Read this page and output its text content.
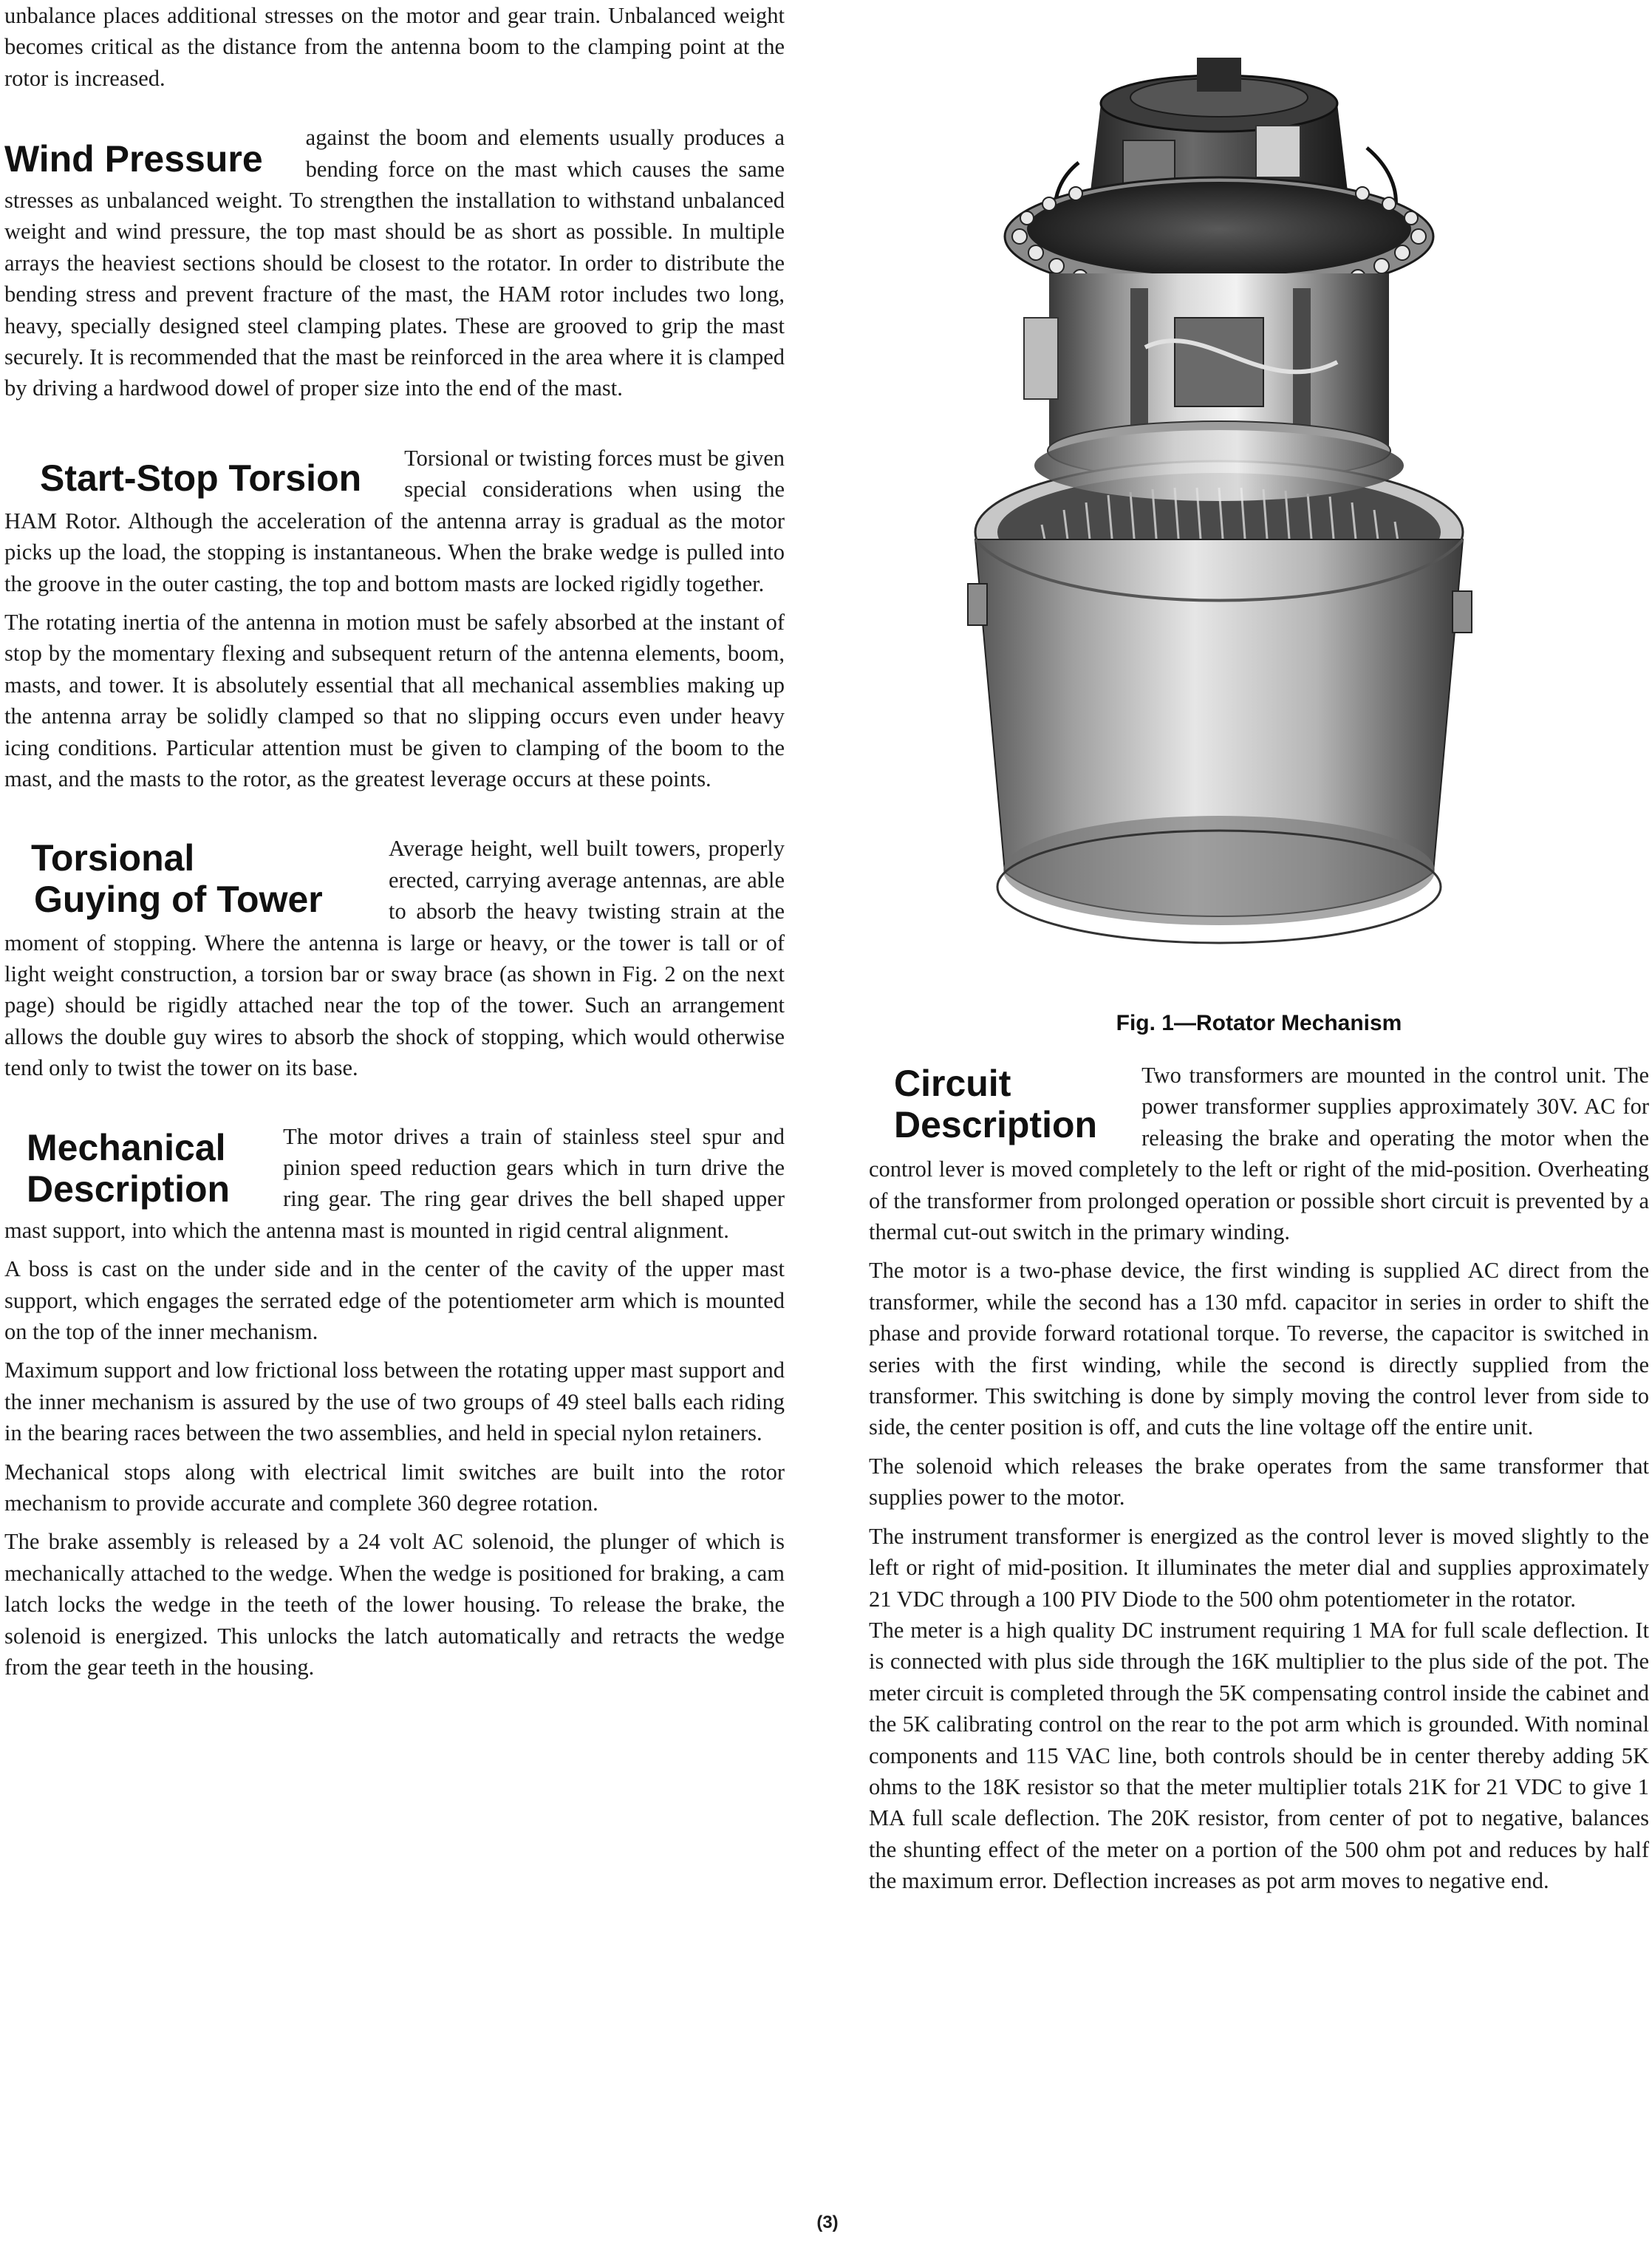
unbalance places additional stresses on the motor and gear train. Unbalanced weight becomes critical as the distance from the antenna boom to the clamping point at the rotor is increased.

Wind Pressure

against the boom and elements usually produces a bending force on the mast which causes the same stresses as unbalanced weight. To strengthen the installation to withstand unbalanced weight and wind pressure, the top mast should be as short as possible. In multiple arrays the heaviest sections should be closest to the rotator. In order to distribute the bending stress and prevent fracture of the mast, the HAM rotor includes two long, heavy, specially designed steel clamping plates. These are grooved to grip the mast securely. It is recommended that the mast be reinforced in the area where it is clamped by driving a hardwood dowel of proper size into the end of the mast.

Start-Stop Torsion	Torsional or twisting forces must be given special considerations when using the HAM Rotor. Although the acceleration of the antenna array is gradual as the motor picks up the load, the stopping is instantaneous. When the brake wedge is pulled into the groove in the outer casting, the top and bottom masts are locked rigidly together.

The rotating inertia of the antenna in motion must be safely absorbed at the instant of stop by the momentary flexing and subsequent return of the antenna elements, boom, masts, and tower. It is absolutely essential that all mechanical assemblies making up the antenna array be solidly clamped so that no slipping occurs even under heavy icing conditions. Particular attention must be given to clamping of the boom to the mast, and the masts to the rotor, as the greatest leverage occurs at these points.

Torsional
Guying of Tower

Average height, well built towers, properly erected, carrying average antennas, are able to absorb the heavy twisting strain at the moment of stopping. Where the antenna is large or heavy, or the tower is tall or of light weight construction, a torsion bar or sway brace (as shown in Fig. 2 on the next page) should be rigidly attached near the top of the tower. Such an arrangement allows the double guy wires to absorb the shock of stopping, which would otherwise tend only to twist the tower on its base.

Mechanical
Description

The motor drives a train of stainless steel spur and pinion speed reduction gears which in turn drive the ring gear. The ring gear drives the bell shaped upper mast support, into which the antenna mast is mounted in rigid central alignment.

A boss is cast on the under side and in the center of the cavity of the upper mast support, which engages the serrated edge of the potentiometer arm which is mounted on the top of the inner mechanism.

Maximum support and low frictional loss between the rotating upper mast support and the inner mechanism is assured by the use of two groups of 49 steel balls each riding in the bearing races between the two assemblies, and held in special nylon retainers.

Mechanical stops along with electrical limit switches are built into the rotor mechanism to provide accurate and complete 360 degree rotation.

The brake assembly is released by a 24 volt AC solenoid, the plunger of which is mechanically attached to the wedge. When the wedge is positioned for braking, a cam latch locks the wedge in the teeth of the lower housing. To release the brake, the solenoid is energized. This unlocks the latch automatically and retracts the wedge from the gear teeth in the housing.

Fig. 1—Rotator Mechanism
Circuit
Description

Two transformers are mounted in the control unit. The power transformer supplies approximately 30V. AC for releasing the brake and operating the motor when the control lever is moved completely to the left or right of the mid-position. Overheating of the transformer from prolonged operation or possible short circuit is prevented by a thermal cut-out switch in the primary winding.

The motor is a two-phase device, the first winding is supplied AC direct from the transformer, while the second has a 130 mfd. capacitor in series in order to shift the phase and provide forward rotational torque. To reverse, the capacitor is switched in series with the first winding, while the second is directly supplied from the transformer. This switching is done by simply moving the control lever from side to side, the center position is off, and cuts the line voltage off the entire unit.

The solenoid which releases the brake operates from the same transformer that supplies power to the motor.

The instrument transformer is energized as the control lever is moved slightly to the left or right of mid-position. It illuminates the meter dial and supplies approximately 21 VDC through a 100 PIV Diode to the 500 ohm potentiometer in the rotator.

The meter is a high quality DC instrument requiring 1 MA for full scale deflection. It is connected with plus side through the 16K multiplier to the plus side of the pot. The meter circuit is completed through the 5K compensating control inside the cabinet and the 5K calibrating control on the rear to the pot arm which is grounded. With nominal components and 115 VAC line, both controls should be in center thereby adding 5K ohms to the 18K resistor so that the meter multiplier totals 21K for 21 VDC to give 1 MA full scale deflection. The 20K resistor, from center of pot to negative, balances the shunting effect of the meter on a portion of the 500 ohm pot and reduces by half the maximum error. Deflection increases as pot arm moves to negative end.

(3)
